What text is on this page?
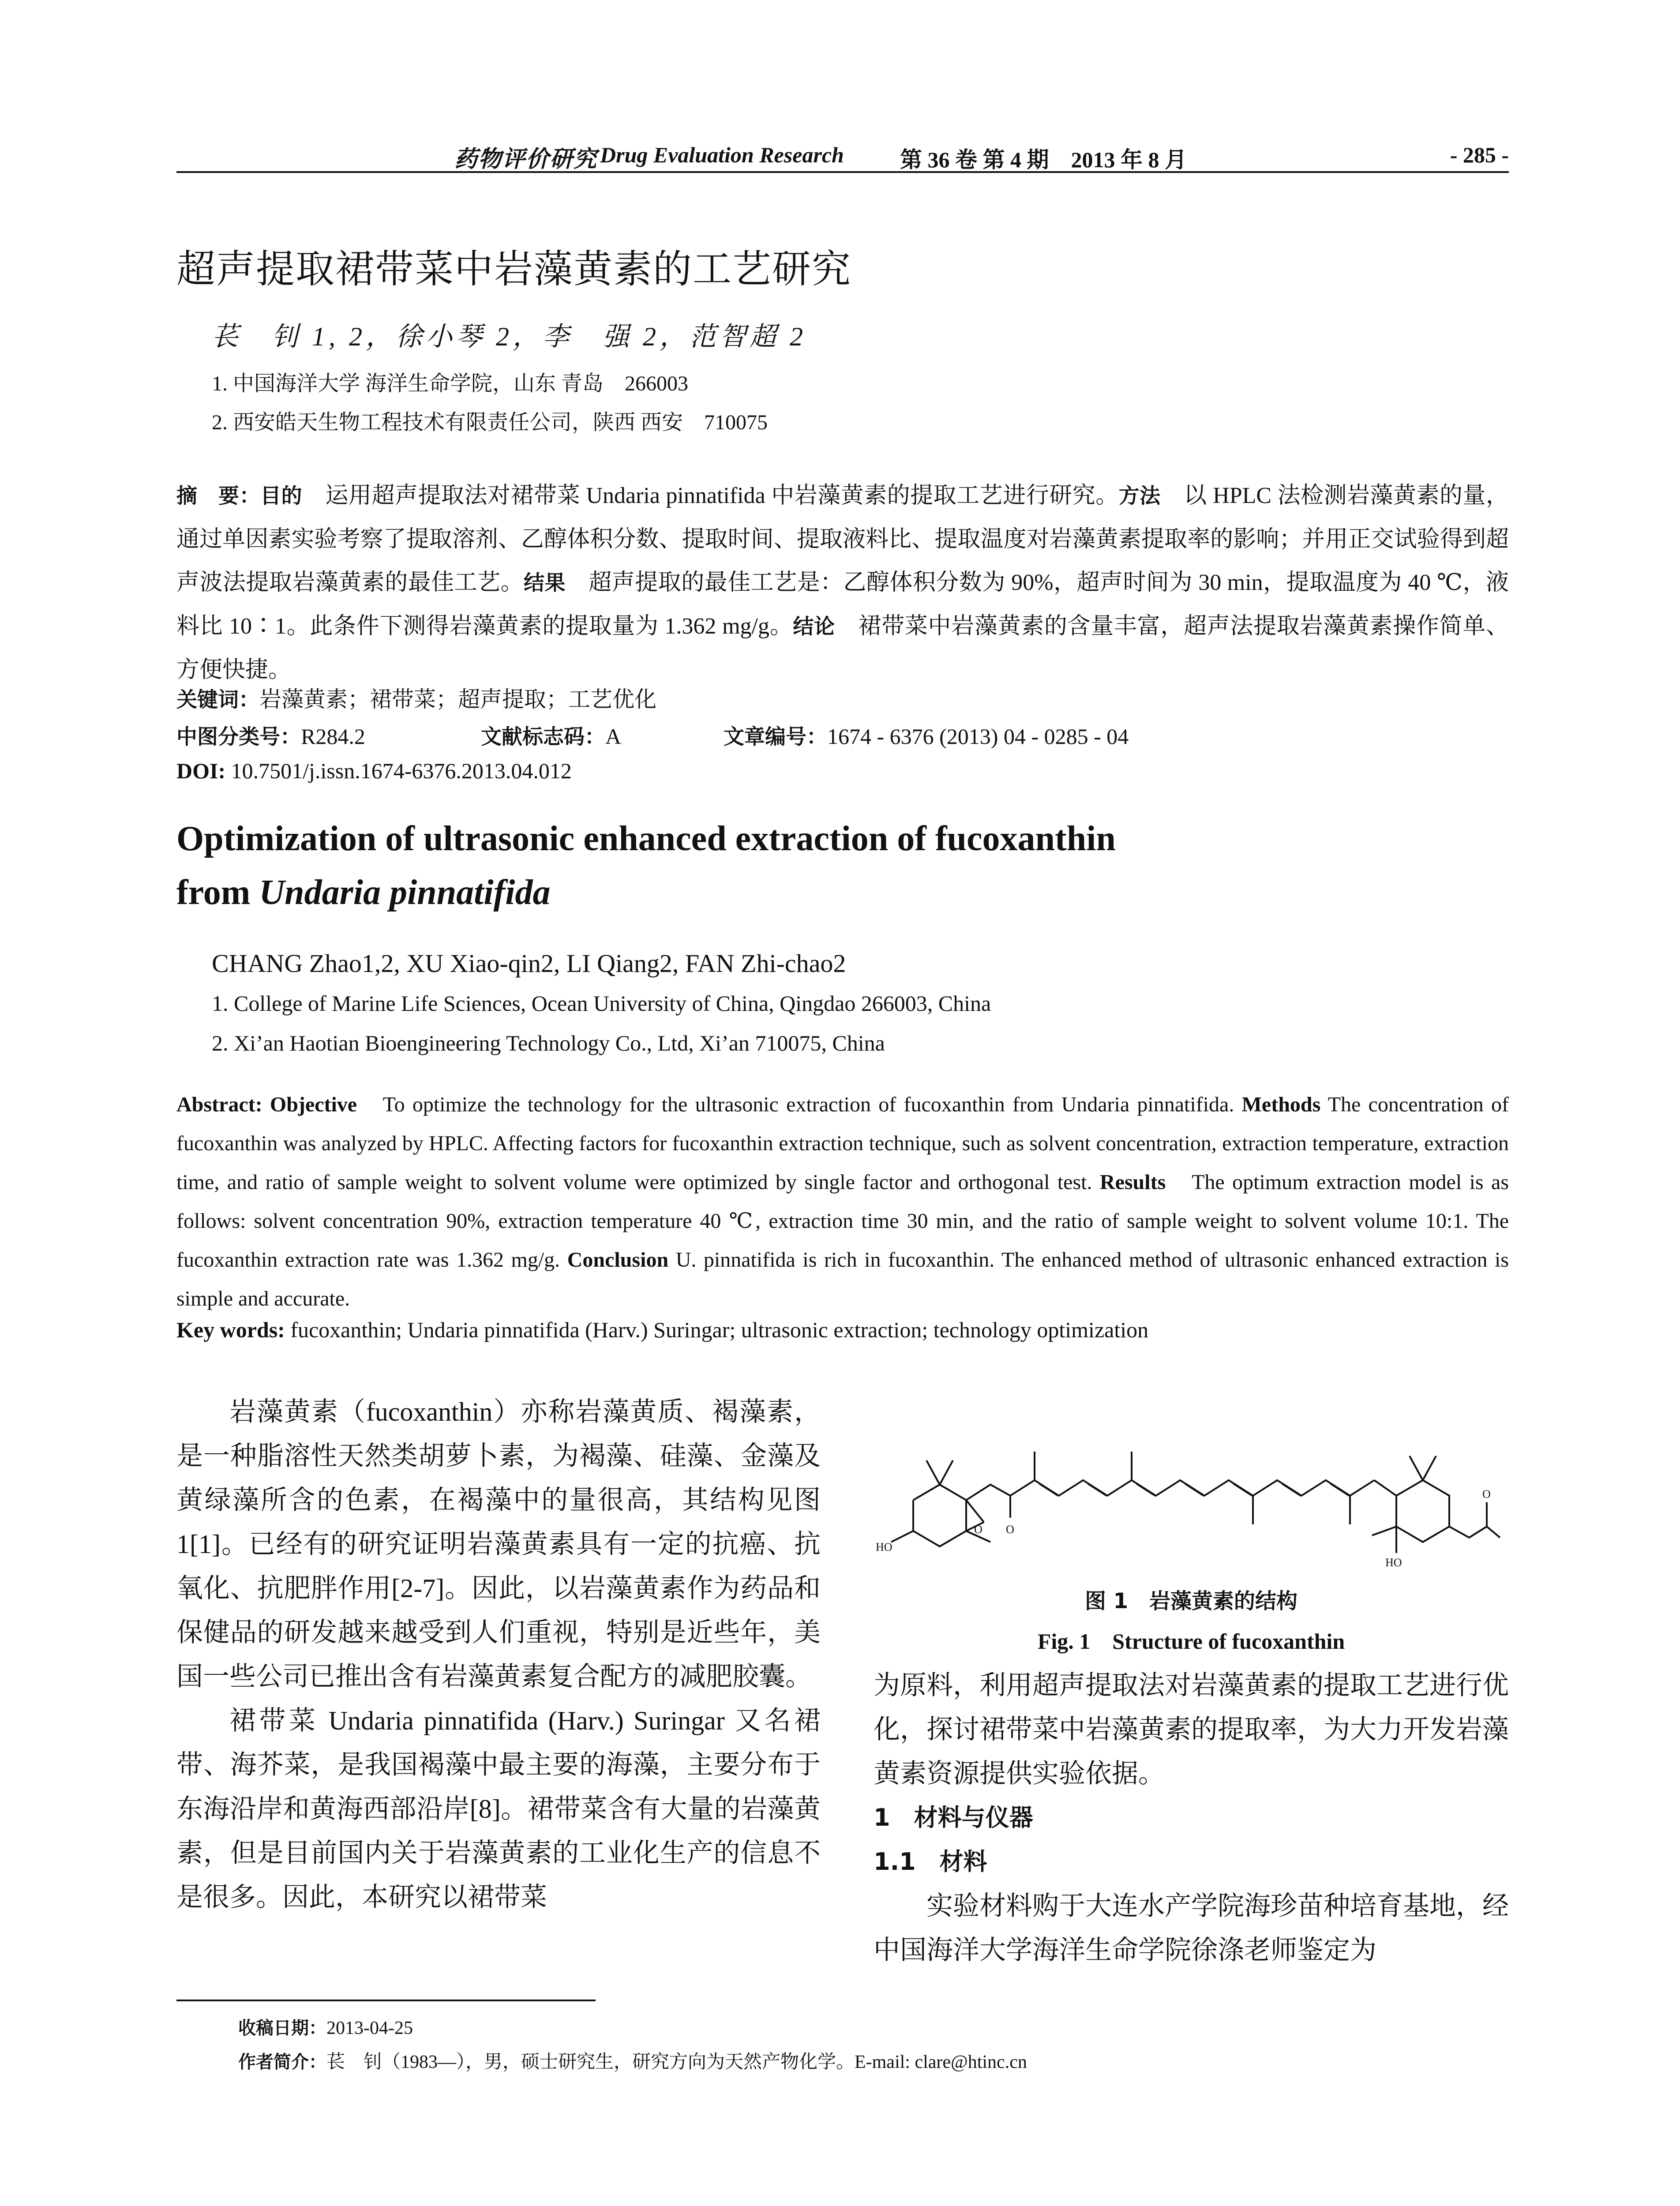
药物评价研究 Drug Evaluation Research	第 36 卷 第 4 期　2013 年 8 月	- 285 -
超声提取裙带菜中岩藻黄素的工艺研究
苌　钊 1, 2，徐小琴 2，李　强 2，范智超 2
1. 中国海洋大学 海洋生命学院，山东 青岛　266003
2. 西安皓天生物工程技术有限责任公司，陕西 西安　710075
摘　要：目的　运用超声提取法对裙带菜 Undaria pinnatifida 中岩藻黄素的提取工艺进行研究。方法　以 HPLC 法检测岩藻黄素的量，通过单因素实验考察了提取溶剂、乙醇体积分数、提取时间、提取液料比、提取温度对岩藻黄素提取率的影响；并用正交试验得到超声波法提取岩藻黄素的最佳工艺。结果　超声提取的最佳工艺是：乙醇体积分数为 90%，超声时间为 30 min，提取温度为 40 ℃，液料比 10∶1。此条件下测得岩藻黄素的提取量为 1.362 mg/g。结论　裙带菜中岩藻黄素的含量丰富，超声法提取岩藻黄素操作简单、方便快捷。
关键词：岩藻黄素；裙带菜；超声提取；工艺优化
中图分类号：R284.2	文献标志码：A	文章编号：1674 - 6376 (2013) 04 - 0285 - 04
DOI: 10.7501/j.issn.1674-6376.2013.04.012
Optimization of ultrasonic enhanced extraction of fucoxanthin
from Undaria pinnatifida
CHANG Zhao1,2, XU Xiao-qin2, LI Qiang2, FAN Zhi-chao2
1. College of Marine Life Sciences, Ocean University of China, Qingdao 266003, China
2. Xi’an Haotian Bioengineering Technology Co., Ltd, Xi’an 710075, China
Abstract: Objective　To optimize the technology for the ultrasonic extraction of fucoxanthin from Undaria pinnatifida. Methods The concentration of fucoxanthin was analyzed by HPLC. Affecting factors for fucoxanthin extraction technique, such as solvent concentration, extraction temperature, extraction time, and ratio of sample weight to solvent volume were optimized by single factor and orthogonal test. Results　The optimum extraction model is as follows: solvent concentration 90%, extraction temperature 40 ℃, extraction time 30 min, and the ratio of sample weight to solvent volume 10:1. The fucoxanthin extraction rate was 1.362 mg/g. Conclusion U. pinnatifida is rich in fucoxanthin. The enhanced method of ultrasonic enhanced extraction is simple and accurate.
Key words: fucoxanthin; Undaria pinnatifida (Harv.) Suringar; ultrasonic extraction; technology optimization

岩藻黄素（fucoxanthin）亦称岩藻黄质、褐藻素，是一种脂溶性天然类胡萝卜素，为褐藻、硅藻、金藻及黄绿藻所含的色素，在褐藻中的量很高，其结构见图 1[1]。已经有的研究证明岩藻黄素具有一定的抗癌、抗氧化、抗肥胖作用[2-7]。因此，以岩藻黄素作为药品和保健品的研发越来越受到人们重视，特别是近些年，美国一些公司已推出含有岩藻黄素复合配方的减肥胶囊。

裙带菜 Undaria pinnatifida (Harv.) Suringar 又名裙带、海芥菜，是我国褐藻中最主要的海藻，主要分布于东海沿岸和黄海西部沿岸[8]。裙带菜含有大量的岩藻黄素，但是目前国内关于岩藻黄素的工业化生产的信息不是很多。因此，本研究以裙带菜

HO
O O
HO
O
图 1　岩藻黄素的结构
Fig. 1　Structure of fucoxanthin

为原料，利用超声提取法对岩藻黄素的提取工艺进行优化，探讨裙带菜中岩藻黄素的提取率，为大力开发岩藻黄素资源提供实验依据。

1　材料与仪器

1.1　材料

实验材料购于大连水产学院海珍苗种培育基地，经中国海洋大学海洋生命学院徐涤老师鉴定为

收稿日期：2013-04-25
作者简介：苌　钊（1983—），男，硕士研究生，研究方向为天然产物化学。E-mail: clare@htinc.cn
